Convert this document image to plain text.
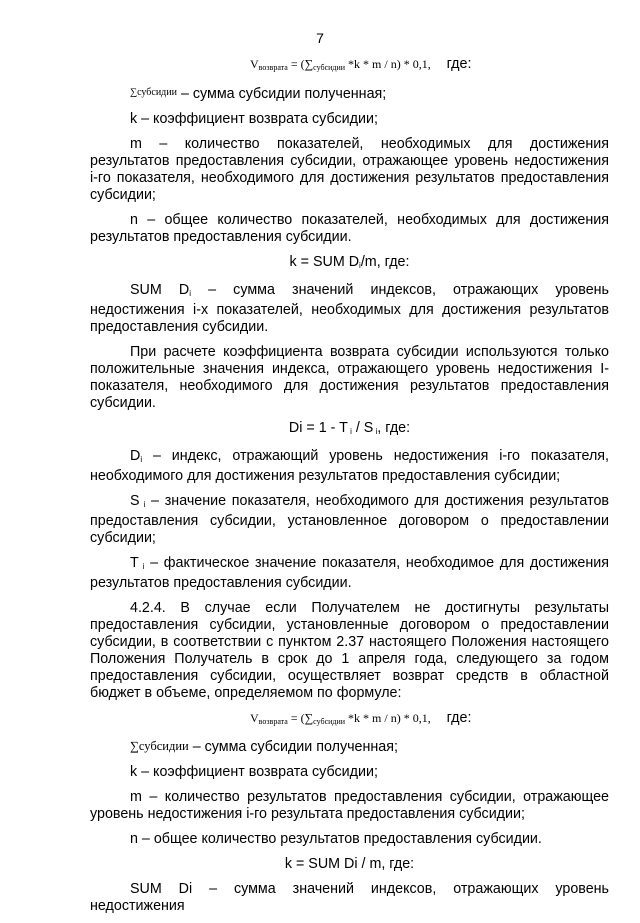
7
Vвозврата = (∑субсидии *k * m / n) * 0,1, где:

$^{\sum субсидии}$ – сумма субсидии полученная;

k – коэффициент возврата субсидии;

m – количество показателей, необходимых для достижения результатов предоставления субсидии, отражающее уровень недостижения i-го показателя, необходимого для достижения результатов предоставления субсидии;

n – общее количество показателей, необходимых для достижения результатов предоставления субсидии.

k = SUM $D_i/m$, где:

SUM $D_i$ – сумма значений индексов, отражающих уровень недостижения i-х показателей, необходимых для достижения результатов предоставления субсидии.

При расчете коэффициента возврата субсидии используются только положительные значения индекса, отражающего уровень недостижения I-показателя, необходимого для достижения результатов предоставления субсидии.

Di = 1 - T $_i$ / S $_i$, где:

$D_i$ – индекс, отражающий уровень недостижения i-го показателя, необходимого для достижения результатов предоставления субсидии;

S $_i$ – значение показателя, необходимого для достижения результатов предоставления субсидии, установленное договором о предоставлении субсидии;

T $_i$ – фактическое значение показателя, необходимое для достижения результатов предоставления субсидии.

4.2.4. В случае если Получателем не достигнуты результаты предоставления субсидии, установленные договором о предоставлении субсидии, в соответствии с пунктом 2.37 настоящего Положения настоящего Положения Получатель в срок до 1 апреля года, следующего за годом предоставления субсидии, осуществляет возврат средств в областной бюджет в объеме, определяемом по формуле:

Vвозврата = (∑субсидии *k * m / n) * 0,1, где:

∑субсидии – сумма субсидии полученная;

k – коэффициент возврата субсидии;

m – количество результатов предоставления субсидии, отражающее уровень недостижения i-го результата предоставления субсидии;

n – общее количество результатов предоставления субсидии.

k = SUM Di / m, где:

SUM Di – сумма значений индексов, отражающих уровень недостижения
